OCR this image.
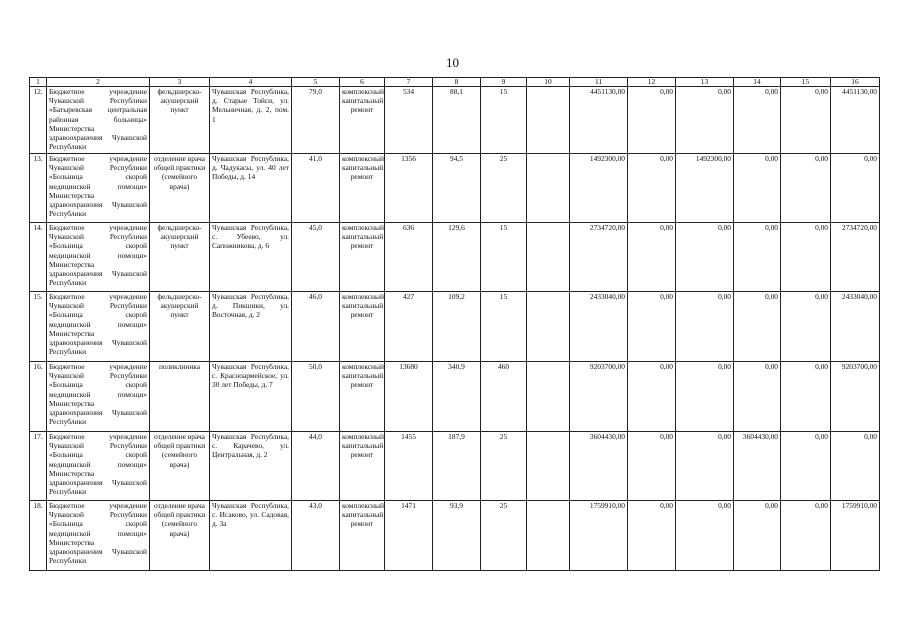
10
1	2	3	4	5	6	7	8	9	10	11	12	13	14	15	16
12.	Бюджетное учреждение Чувашской Республики «Батыревская центральная районная больница» Министерства здравоохранения Чувашской Республики	фельдшерско-акушерский пункт	Чувашская Республика, д. Старые Тойси, ул. Мельничная, д. 2, пом. 1	79,0	комплексный капитальный ремонт	534	88,1	15		4451130,00	0,00	0,00	0,00	0,00	4451130,00
13.	Бюджетное учреждение Чувашской Республики «Больница скорой медицинской помощи» Министерства здравоохранения Чувашской Республики	отделение врача общей практики (семейного врача)	Чувашская Республика, д. Чадукасы, ул. 40 лет Победы, д. 14	41,0	комплексный капитальный ремонт	1356	94,5	25		1492300,00	0,00	1492300,00	0,00	0,00	0,00
14.	Бюджетное учреждение Чувашской Республики «Больница скорой медицинской помощи» Министерства здравоохранения Чувашской Республики	фельдшерско-акушерский пункт	Чувашская Республика, с. Убеево, ул. Сапожникова, д. 6	45,0	комплексный капитальный ремонт	636	129,6	15		2734720,00	0,00	0,00	0,00	0,00	2734720,00
15.	Бюджетное учреждение Чувашской Республики «Больница скорой медицинской помощи» Министерства здравоохранения Чувашской Республики	фельдшерско-акушерский пункт	Чувашская Республика, д. Пикшики, ул. Восточная, д. 2	46,0	комплексный капитальный ремонт	427	109,2	15		2433040,00	0,00	0,00	0,00	0,00	2433040,00
16.	Бюджетное учреждение Чувашской Республики «Больница скорой медицинской помощи» Министерства здравоохранения Чувашской Республики	поликлиника	Чувашская Республика, с. Красноармейское, ул. 30 лет Победы, д. 7	50,0	комплексный капитальный ремонт	13680	340,9	460		9203700,00	0,00	0,00	0,00	0,00	9203700,00
17.	Бюджетное учреждение Чувашской Республики «Больница скорой медицинской помощи» Министерства здравоохранения Чувашской Республики	отделение врача общей практики (семейного врача)	Чувашская Республика, с. Карачево, ул. Центральная, д. 2	44,0	комплексный капитальный ремонт	1455	187,9	25		3604430,00	0,00	0,00	3604430,00	0,00	0,00
18.	Бюджетное учреждение Чувашской Республики «Больница скорой медицинской помощи» Министерства здравоохранения Чувашской Республики	отделение врача общей практики (семейного врача)	Чувашская Республика, с. Исаково, ул. Садовая, д. 3а	43,0	комплексный капитальный ремонт	1471	93,9	25		1759910,00	0,00	0,00	0,00	0,00	1759910,00
